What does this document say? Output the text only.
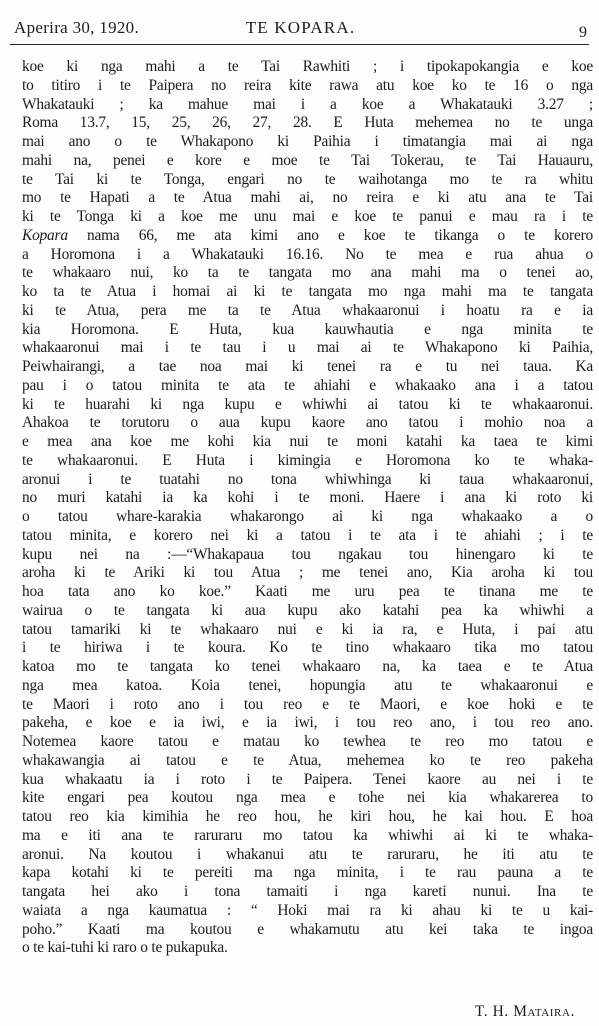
Aperira 30, 1920.	TE KOPARA.	9
koe ki nga mahi a te Tai Rawhiti ; i tipokapokangia e koe
to titiro i te Paipera no reira kite rawa atu koe ko te 16 o nga
Whakatauki ; ka mahue mai i a koe a Whakatauki 3.27 ;
Roma 13.7, 15, 25, 26, 27, 28. E Huta mehemea no te unga
mai ano o te Whakapono ki Paihia i timatangia mai ai nga
mahi na, penei e kore e moe te Tai Tokerau, te Tai Hauauru,
te Tai ki te Tonga, engari no te waihotanga mo te ra whitu
mo te Hapati a te Atua mahi ai, no reira e ki atu ana te Tai
ki te Tonga ki a koe me unu mai e koe te panui e mau ra i te
Kopara nama 66, me ata kimi ano e koe te tikanga o te korero
a Horomona i a Whakatauki 16.16. No te mea e rua ahua o
te whakaaro nui, ko ta te tangata mo ana mahi ma o tenei ao,
ko ta te Atua i homai ai ki te tangata mo nga mahi ma te tangata
ki te Atua, pera me ta te Atua whakaaronui i hoatu ra e ia
kia Horomona. E Huta, kua kauwhautia e nga minita te
whakaaronui mai i te tau i u mai ai te Whakapono ki Paihia,
Peiwhairangi, a tae noa mai ki tenei ra e tu nei taua. Ka
pau i o tatou minita te ata te ahiahi e whakaako ana i a tatou
ki te huarahi ki nga kupu e whiwhi ai tatou ki te whakaaronui.
Ahakoa te torutoru o aua kupu kaore ano tatou i mohio noa a
e mea ana koe me kohi kia nui te moni katahi ka taea te kimi
te whakaaronui. E Huta i kimingia e Horomona ko te whaka-
aronui i te tuatahi no tona whiwhinga ki taua whakaaronui,
no muri katahi ia ka kohi i te moni. Haere i ana ki roto ki
o tatou whare-karakia whakarongo ai ki nga whakaako a o
tatou minita, e korero nei ki a tatou i te ata i te ahiahi ; i te
kupu nei na :—“Whakapaua tou ngakau tou hinengaro ki te
aroha ki te Ariki ki tou Atua ; me tenei ano, Kia aroha ki tou
hoa tata ano ko koe.” Kaati me uru pea te tinana me te
wairua o te tangata ki aua kupu ako katahi pea ka whiwhi a
tatou tamariki ki te whakaaro nui e ki ia ra, e Huta, i pai atu
i te hiriwa i te koura. Ko te tino whakaaro tika mo tatou
katoa mo te tangata ko tenei whakaaro na, ka taea e te Atua
nga mea katoa. Koia tenei, hopungia atu te whakaaronui e
te Maori i roto ano i tou reo e te Maori, e koe hoki e te
pakeha, e koe e ia iwi, e ia iwi, i tou reo ano, i tou reo ano.
Notemea kaore tatou e matau ko tewhea te reo mo tatou e
whakawangia ai tatou e te Atua, mehemea ko te reo pakeha
kua whakaatu ia i roto i te Paipera. Tenei kaore au nei i te
kite engari pea koutou nga mea e tohe nei kia whakarerea to
tatou reo kia kimihia he reo hou, he kiri hou, he kai hou. E hoa
ma e iti ana te raruraru mo tatou ka whiwhi ai ki te whaka-
aronui. Na koutou i whakanui atu te raruraru, he iti atu te
kapa kotahi ki te pereiti ma nga minita, i te rau pauna a te
tangata hei ako i tona tamaiti i nga kareti nunui. Ina te
waiata a nga kaumatua : “ Hoki mai ra ki ahau ki te u kai-
poho.” Kaati ma koutou e whakamutu atu kei taka te ingoa
o te kai-tuhi ki raro o te pukapuka.
T. H. Mataira.
